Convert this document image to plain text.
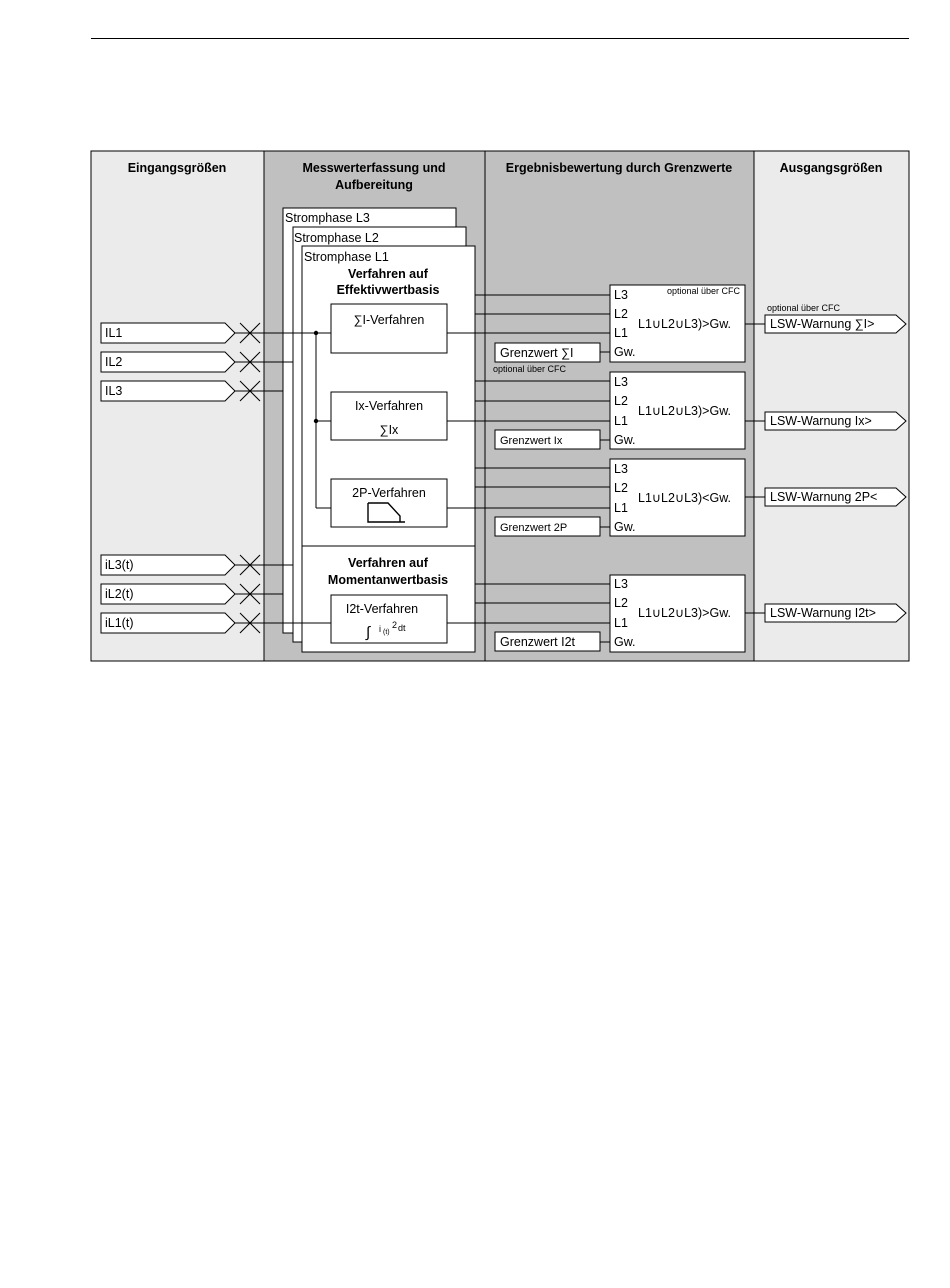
Eingangsgrößen	Messwerterfassung und
Aufbereitung
Ergebnisbewertung durch Grenzwerte	Ausgangsgrößen
Stromphase L3
Stromphase L2
Stromphase L1
Verfahren auf
Effektivwertbasis
Verfahren auf
Momentanwertbasis
IL1
IL2
IL3
iL3(t)
iL2(t)
iL1(t)
∑I-Verfahren
Ix-Verfahren
∑Ix
2P-Verfahren
I2t-Verfahren
∫ i (t)
2 dt
Grenzwert ∑I
Grenzwert Ix
Grenzwert 2P
Grenzwert I2t
L3
L2
L1
Gw.
L1∪L2∪L3)>Gw.
optional über CFC
L3
L2
L1
Gw.
L1∪L2∪L3)>Gw.
L3
L2
L1
Gw.
L1∪L2∪L3)<Gw.
L3
L2
L1
Gw.
L1∪L2∪L3)>Gw.
optional über CFC
optional über CFC
LSW-Warnung ∑I>
LSW-Warnung Ix>
LSW-Warnung 2P<
LSW-Warnung I2t>
